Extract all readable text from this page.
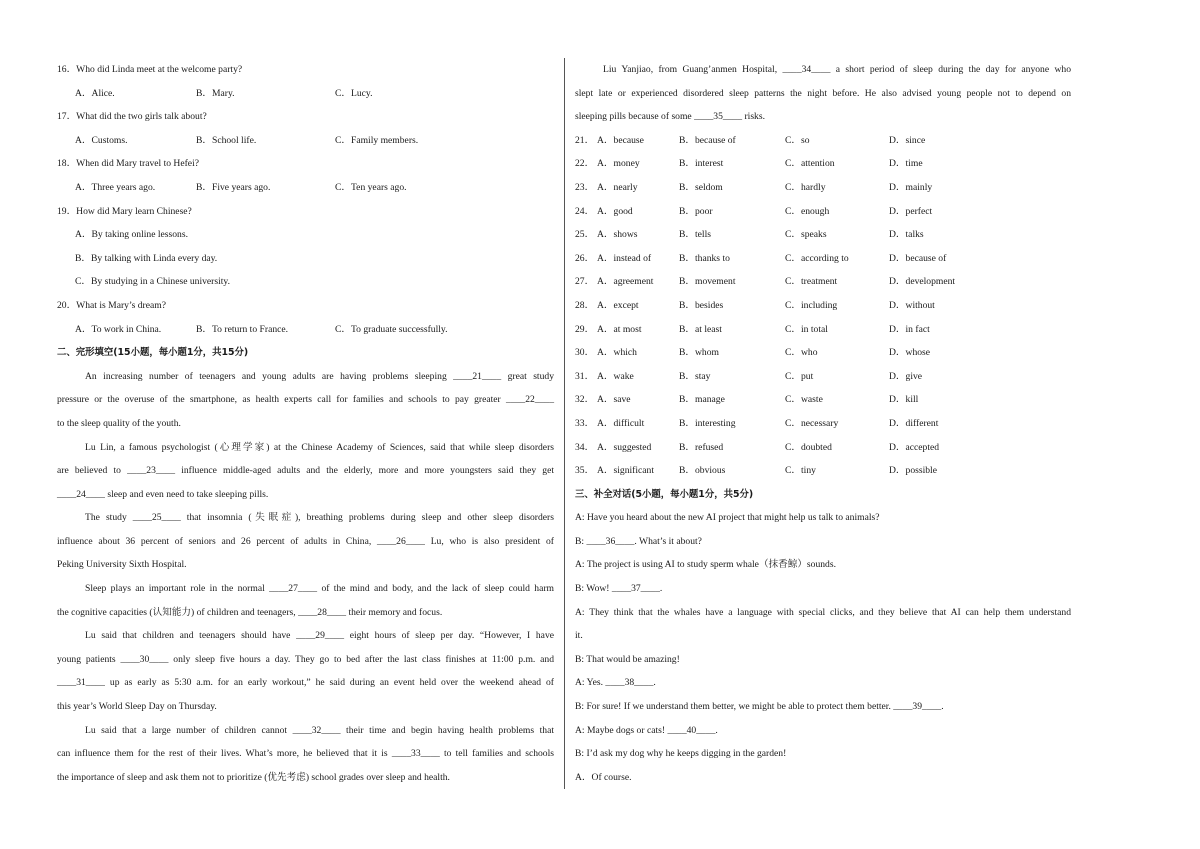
16．Who did Linda meet at the welcome party?
A．Alice.	B．Mary.	C．Lucy.
17．What did the two girls talk about?
A．Customs.	B．School life.	C．Family members.
18．When did Mary travel to Hefei?
A．Three years ago.	B．Five years ago.	C．Ten years ago.
19．How did Mary learn Chinese?
A．By taking online lessons.
B．By talking with Linda every day.
C．By studying in a Chinese university.
20．What is Mary’s dream?
A．To work in China.	B．To return to France.	C．To graduate successfully.
二、完形填空(15小题，每小题1分，共15分)
An increasing number of teenagers and young adults are having problems sleeping ____21____ great study
pressure or the overuse of the smartphone, as health experts call for families and schools to pay greater ____22____
to the sleep quality of the youth.
Lu Lin, a famous psychologist (心理学家) at the Chinese Academy of Sciences, said that while sleep disorders
are believed to ____23____ influence middle-aged adults and the elderly, more and more youngsters said they get
____24____ sleep and even need to take sleeping pills.
The study ____25____ that insomnia (失眠症), breathing problems during sleep and other sleep disorders
influence about 36 percent of seniors and 26 percent of adults in China, ____26____ Lu, who is also president of
Peking University Sixth Hospital.
Sleep plays an important role in the normal ____27____ of the mind and body, and the lack of sleep could harm
the cognitive capacities (认知能力) of children and teenagers, ____28____ their memory and focus.
Lu said that children and teenagers should have ____29____ eight hours of sleep per day. “However, I have
young patients ____30____ only sleep five hours a day. They go to bed after the last class finishes at 11:00 p.m. and
____31____ up as early as 5:30 a.m. for an early workout,” he said during an event held over the weekend ahead of
this year’s World Sleep Day on Thursday.
Lu said that a large number of children cannot ____32____ their time and begin having health problems that
can influence them for the rest of their lives. What’s more, he believed that it is ____33____ to tell families and schools
the importance of sleep and ask them not to prioritize (优先考虑) school grades over sleep and health.
Liu Yanjiao, from Guang’anmen Hospital, ____34____ a short period of sleep during the day for anyone who
slept late or experienced disordered sleep patterns the night before. He also advised young people not to depend on
sleeping pills because of some ____35____ risks.
21． A．because	B．because of	C．so	D．since
22． A．money	B．interest	C．attention	D．time
23． A．nearly	B．seldom	C．hardly	D．mainly
24． A．good	B．poor	C．enough	D．perfect
25． A．shows	B．tells	C．speaks	D．talks
26． A．instead of	B．thanks to	C．according to	D．because of
27． A．agreement	B．movement	C．treatment	D．development
28． A．except	B．besides	C．including	D．without
29． A．at most	B．at least	C．in total	D．in fact
30． A．which	B．whom	C．who	D．whose
31． A．wake	B．stay	C．put	D．give
32． A．save	B．manage	C．waste	D．kill
33． A．difficult	B．interesting	C．necessary	D．different
34． A．suggested	B．refused	C．doubted	D．accepted
35． A．significant	B．obvious	C．tiny	D．possible
三、补全对话(5小题，每小题1分，共5分)
A: Have you heard about the new AI project that might help us talk to animals?
B: ____36____. What’s it about?
A: The project is using AI to study sperm whale（抹香鲸）sounds.
B: Wow! ____37____.
A: They think that the whales have a language with special clicks, and they believe that AI can help them understand
it.
B: That would be amazing!
A: Yes. ____38____.
B: For sure! If we understand them better, we might be able to protect them better. ____39____.
A: Maybe dogs or cats! ____40____.
B: I’d ask my dog why he keeps digging in the garden!
A．Of course.
